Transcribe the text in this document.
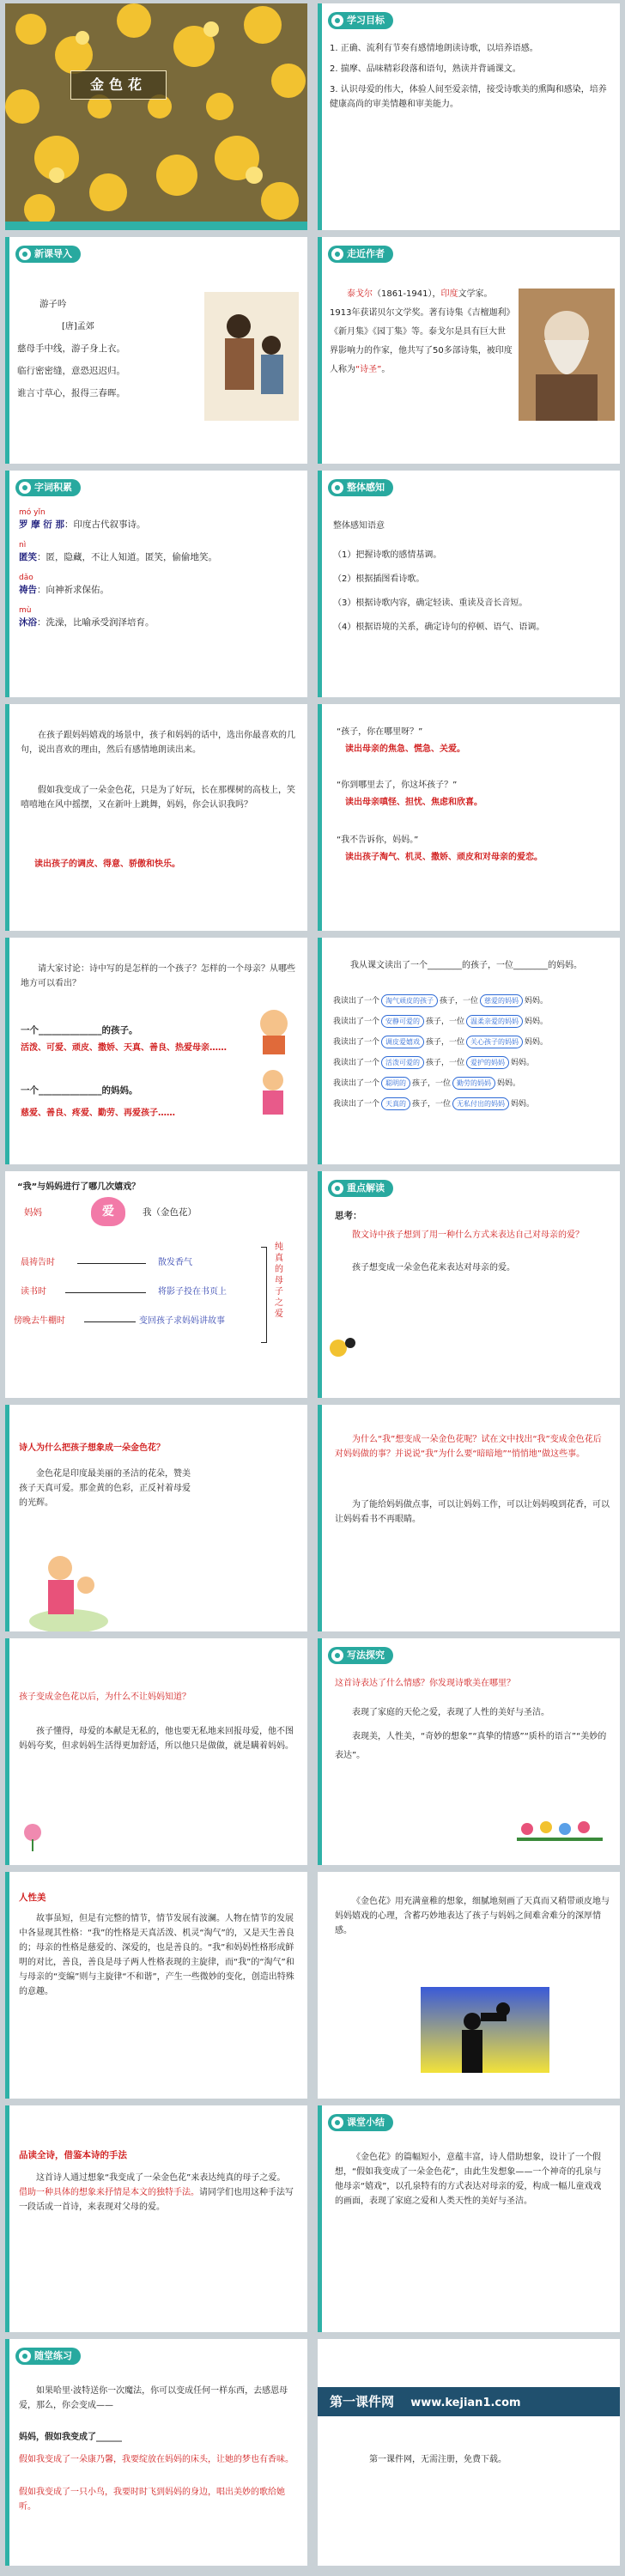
金色花
学习目标
1. 正确、流利有节奏有感情地朗读诗歌，以培养语感。
2. 揣摩、品味精彩段落和语句，熟读并背诵课文。
3. 认识母爱的伟大，体验人间至爱亲情，接受诗歌美的熏陶和感染，培养健康高尚的审美情趣和审美能力。
新课导入
游子吟
[唐]孟郊
慈母手中线，游子身上衣。
临行密密缝，意恐迟迟归。
谁言寸草心，报得三春晖。
走近作者
　　泰戈尔（1861-1941），印度文学家。1913年获诺贝尔文学奖。著有诗集《吉檀迦利》《新月集》《园丁集》等。泰戈尔是具有巨大世界影响力的作家，他共写了50多部诗集，被印度人称为“诗圣”。
字词积累
mó yǐn
罗 摩 衍 那：印度古代叙事诗。
nì
匿笑：匿，隐藏，不让人知道。匿笑，偷偷地笑。
dǎo
祷告：向神祈求保佑。
mù
沐浴：洗澡，比喻承受润泽培育。
整体感知
整体感知语意
（1）把握诗歌的感情基调。
（2）根据插图看诗歌。
（3）根据诗歌内容，确定轻读、重读及音长音短。
（4）根据语境的关系，确定诗句的停顿、语气、语调。
在孩子跟妈妈嬉戏的场景中，孩子和妈妈的话中，选出你最喜欢的几句，说出喜欢的理由，然后有感情地朗读出来。
假如我变成了一朵金色花，只是为了好玩，长在那棵树的高枝上，笑嘻嘻地在风中摇摆，又在新叶上跳舞，妈妈，你会认识我吗？
读出孩子的调皮、得意、骄傲和快乐。
“孩子，你在哪里呀？”
读出母亲的焦急、慌急、关爱。
“你到哪里去了，你这坏孩子？”
读出母亲嗔怪、担忧、焦虑和欣喜。
“我不告诉你，妈妈。”
读出孩子淘气、机灵、撒娇、顽皮和对母亲的爱恋。
请大家讨论：诗中写的是怎样的一个孩子？怎样的一个母亲？从哪些地方可以看出？
一个______________的孩子。
活泼、可爱、顽皮、撒娇、天真、善良、热爱母亲……
一个______________的妈妈。
慈爱、善良、疼爱、勤劳、再爱孩子……
我从课文读出了一个________的孩子，一位________的妈妈。
我读出了一个 淘气顽皮的孩子 孩子，一位 慈爱的妈妈 妈妈。
我读出了一个 安静可爱的 孩子，一位 温柔亲爱的妈妈 妈妈。
我读出了一个 调皮爱嬉戏 孩子，一位 关心孩子的妈妈 妈妈。
我读出了一个 活泼可爱的 孩子，一位 爱护的妈妈 妈妈。
我读出了一个 聪明的 孩子，一位 勤劳的妈妈 妈妈。
我读出了一个 天真的 孩子，一位 无私付出的妈妈 妈妈。
“我”与妈妈进行了哪几次嬉戏？
妈妈	爱	我（金色花）
晨祷告时	散发香气
读书时	将影子投在书页上
傍晚去牛棚时	变回孩子求妈妈讲故事
纯真的母子之爱
重点解读
思考：
散文诗中孩子想到了用一种什么方式来表达自己对母亲的爱？
孩子想变成一朵金色花来表达对母亲的爱。
诗人为什么把孩子想象成一朵金色花？
金色花是印度最美丽的圣洁的花朵，赞美孩子天真可爱。那金黄的色彩，正反衬着母爱的光辉。
为什么“我”想变成一朵金色花呢？试在文中找出“我”变成金色花后对妈妈做的事？并说说“我”为什么要“暗暗地”“悄悄地”做这些事。
为了能给妈妈做点事，可以让妈妈工作，可以让妈妈嗅到花香，可以让妈妈看书不再眼睛。
孩子变成金色花以后，为什么不让妈妈知道？
孩子懂得，母爱的本献是无私的，他也要无私地来回报母爱，他不图妈妈夸奖，但求妈妈生活得更加舒适，所以他只是做做，就是瞒着妈妈。
写法探究
这首诗表达了什么情感？你发现诗歌美在哪里？
表现了家庭的天伦之爱，表现了人性的美好与圣洁。
表现美，人性美，“奇妙的想象”“真挚的情感”“质朴的语言”“美妙的表达”。
人性美
故事虽短，但是有完整的情节，情节发展有波澜。人物在情节的发展中各显现其性格：“我”的性格是天真活泼、机灵“淘气”的，又是天生善良的；母亲的性格是慈爱的、深爱的，也是善良的。“我”和妈妈性格形成鲜明的对比，善良，善良是母子两人性格表现的主旋律，而“我”的“淘气”和与母亲的“变编”则与主旋律“不和谐”，产生一些微妙的变化，创造出特殊的意趣。
《金色花》用充满童稚的想象，细腻地刻画了天真而又稍带顽皮地与妈妈嬉戏的心理，含蓄巧妙地表达了孩子与妈妈之间难舍难分的深厚情感。
品读全诗，借鉴本诗的手法
这首诗人通过想象“我变成了一朵金色花”来表达纯真的母子之爱。借助一种具体的想象来抒情是本文的独特手法。请同学们也用这种手法写一段话或一首诗，来表现对父母的爱。
课堂小结
《金色花》的篇幅短小，意蕴丰富，诗人借助想象，设计了一个假想，“假如我变成了一朵金色花”，由此生发想象——一个神奇的孔泉与他母亲“嬉戏”，以孔泉特有的方式表达对母亲的爱，构成一幅儿童戏戏的画面，表现了家庭之爱和人类天性的美好与圣洁。
随堂练习
如果哈里·波特送你一次魔法，你可以变成任何一样东西，去感恩母爱，那么，你会变成——
妈妈，假如我变成了______
假如我变成了一朵康乃馨，我要绽放在妈妈的床头，让她的梦也有香味。
假如我变成了一只小鸟，我要时时飞到妈妈的身边，唱出美妙的歌给她听。
第一课件网 www.kejian1.com
第一课件网，无需注册，免费下载。
